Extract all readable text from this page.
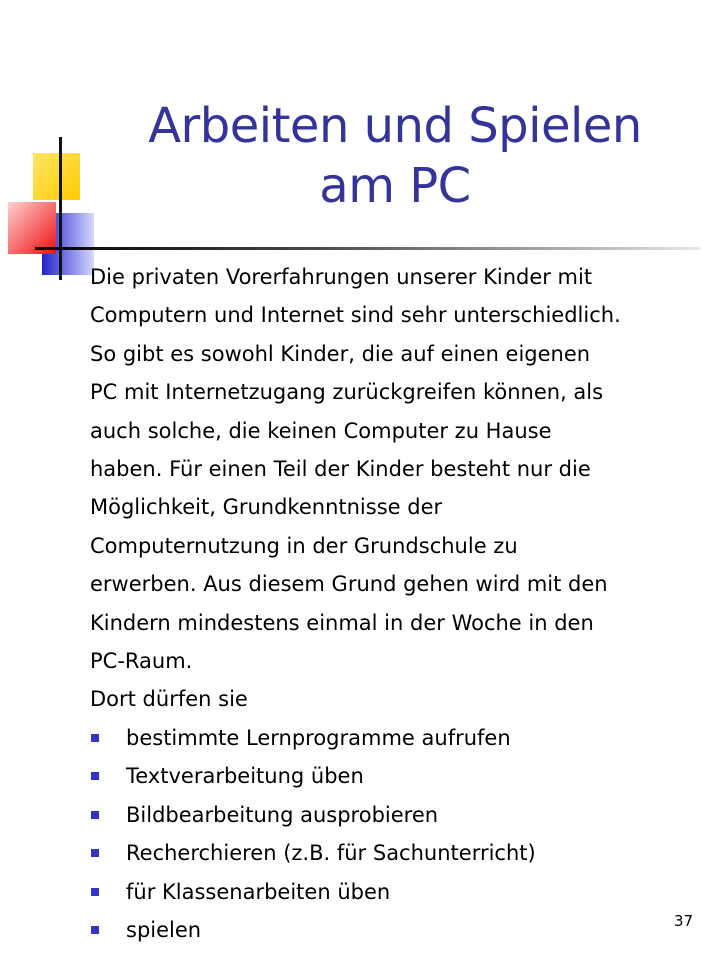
Arbeiten und Spielen
am PC

Die privaten Vorerfahrungen unserer Kinder mit

Computern und Internet sind sehr unterschiedlich.

So gibt es sowohl Kinder, die auf einen eigenen

PC mit Internetzugang zurückgreifen können, als

auch solche, die keinen Computer zu Hause

haben. Für einen Teil der Kinder besteht nur die

Möglichkeit, Grundkenntnisse der

Computernutzung in der Grundschule zu

erwerben. Aus diesem Grund gehen wird mit den

Kindern mindestens einmal in der Woche in den

PC-Raum.

Dort dürfen sie

bestimmte Lernprogramme aufrufen
Textverarbeitung üben
Bildbearbeitung ausprobieren
Recherchieren (z.B. für Sachunterricht)
für Klassenarbeiten üben
spielen	37
